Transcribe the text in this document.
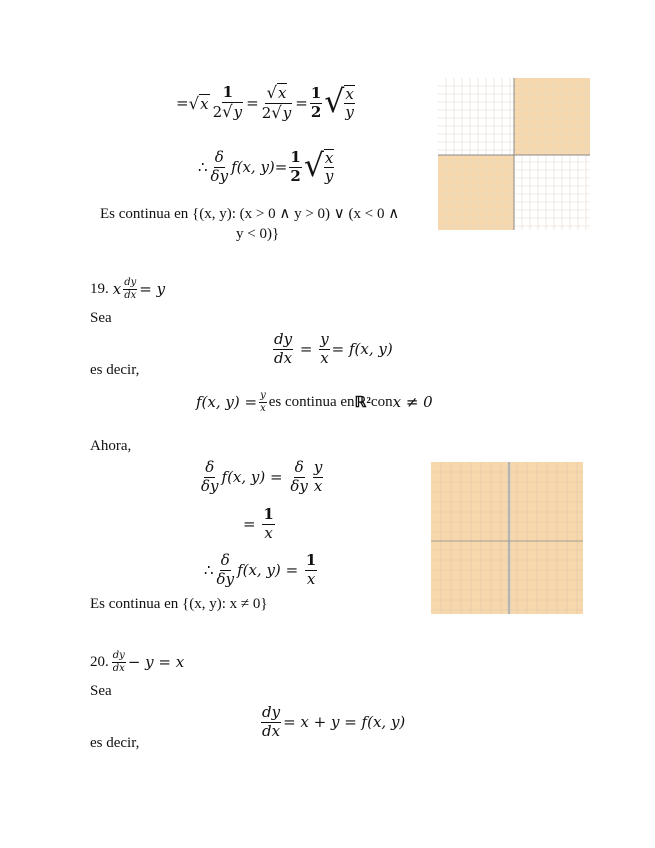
= √ x $\frac{1}{2√y} = \frac{√x}{2√y} = \frac{1}{2}$ √ $\frac{x}{y}$
∴ $\frac{\delta}{\delta y} f(x$, $y) = \frac{1}{2}$ √ $\frac{x}{y}$
Es continua en {(x, y): (x > 0 ∧ y > 0) ∨ (x < 0 ∧
y < 0)}
19. x $\frac{dy}{dx} = y$
Sea
$\frac{dy}{dx} = \frac{y}{x} = f(x$, y)
es decir,
f(x, $y) = \frac{y}{x}$ es continua en ℝ² con x ≠ 0
Ahora,
$\frac{\delta}{\delta y} f(x$, $y) = \frac{\delta}{\delta y} \frac{y}{x}$
= $\frac{1}{x}$
∴ $\frac{\delta}{\delta y} f(x$, $y) = \frac{1}{x}$
Es continua en {(x, y): x ≠ 0}
20. $\frac{dy}{dx} - y = x$
Sea
$\frac{dy}{dx} = x + y = f(x$, y)
es decir,
